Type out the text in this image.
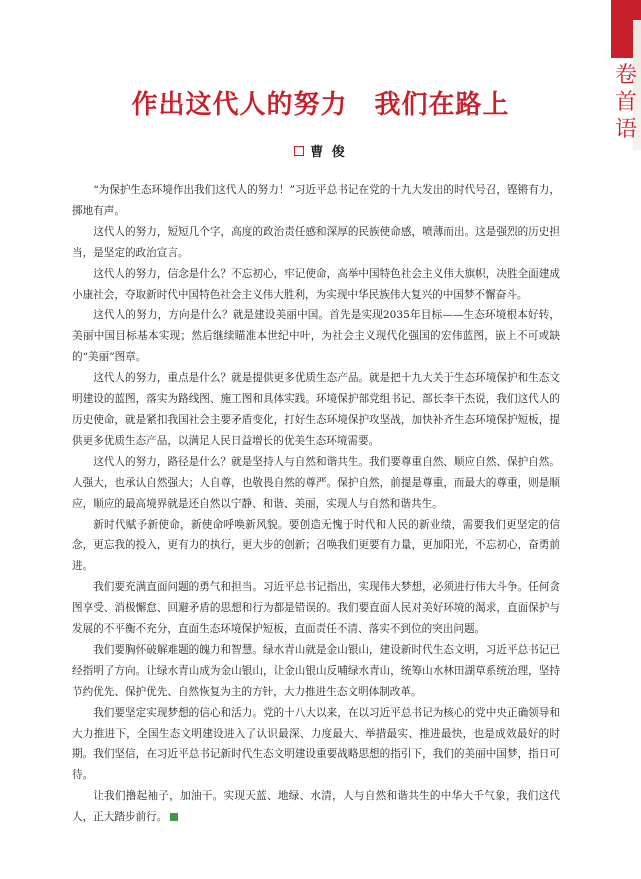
卷
首
语
作出这代人的努力　我们在路上
曹 俊

“为保护生态环境作出我们这代人的努力！”习近平总书记在党的十九大发出的时代号召，铿锵有力，掷地有声。

这代人的努力，短短几个字，高度的政治责任感和深厚的民族使命感，喷薄而出。这是强烈的历史担当，是坚定的政治宣言。

这代人的努力，信念是什么？不忘初心，牢记使命，高举中国特色社会主义伟大旗帜，决胜全面建成小康社会，夺取新时代中国特色社会主义伟大胜利，为实现中华民族伟大复兴的中国梦不懈奋斗。

这代人的努力，方向是什么？就是建设美丽中国。首先是实现2035年目标——生态环境根本好转，美丽中国目标基本实现；然后继续瞄准本世纪中叶，为社会主义现代化强国的宏伟蓝图，嵌上不可或缺的“美丽”图章。

这代人的努力，重点是什么？就是提供更多优质生态产品。就是把十九大关于生态环境保护和生态文明建设的蓝图，落实为路线图、施工图和具体实践。环境保护部党组书记、部长李干杰说，我们这代人的历史使命，就是紧扣我国社会主要矛盾变化，打好生态环境保护攻坚战，加快补齐生态环境保护短板，提供更多优质生态产品，以满足人民日益增长的优美生态环境需要。

这代人的努力，路径是什么？就是坚持人与自然和谐共生。我们要尊重自然、顺应自然、保护自然。人强大，也承认自然强大；人自尊，也敬畏自然的尊严。保护自然，前提是尊重，而最大的尊重，则是顺应，顺应的最高境界就是还自然以宁静、和谐、美丽，实现人与自然和谐共生。

新时代赋予新使命，新使命呼唤新风貌。要创造无愧于时代和人民的新业绩，需要我们更坚定的信念，更忘我的投入，更有力的执行，更大步的创新；召唤我们更要有力量，更加阳光，不忘初心，奋勇前进。

我们要充满直面问题的勇气和担当。习近平总书记指出，实现伟大梦想，必须进行伟大斗争。任何贪图享受、消极懈怠、回避矛盾的思想和行为都是错误的。我们要直面人民对美好环境的渴求，直面保护与发展的不平衡不充分，直面生态环境保护短板，直面责任不清、落实不到位的突出问题。

我们要胸怀破解难题的魄力和智慧。绿水青山就是金山银山，建设新时代生态文明，习近平总书记已经指明了方向。让绿水青山成为金山银山，让金山银山反哺绿水青山，统筹山水林田湖草系统治理，坚持节约优先、保护优先、自然恢复为主的方针，大力推进生态文明体制改革。

我们要坚定实现梦想的信心和活力。党的十八大以来，在以习近平总书记为核心的党中央正确领导和大力推进下，全国生态文明建设进入了认识最深、力度最大、举措最实、推进最快，也是成效最好的时期。我们坚信，在习近平总书记新时代生态文明建设重要战略思想的指引下，我们的美丽中国梦，指日可待。

让我们撸起袖子，加油干。实现天蓝、地绿、水清，人与自然和谐共生的中华大千气象，我们这代人，正大踏步前行。
